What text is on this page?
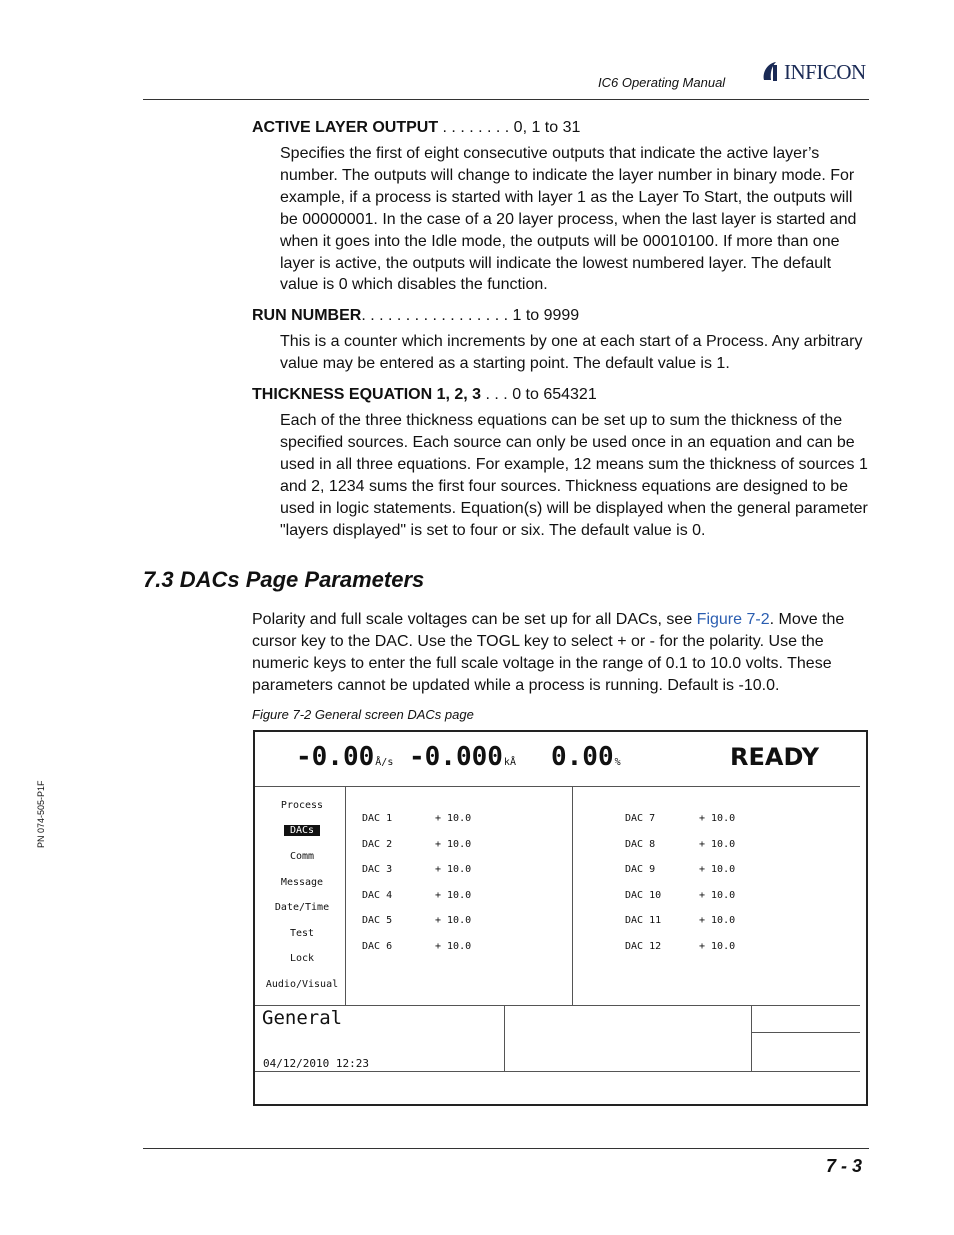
IC6 Operating Manual	INFICON
PN 074-505-P1F
ACTIVE LAYER OUTPUT . . . . . . . . 0, 1 to 31
Specifies the first of eight consecutive outputs that indicate the active layer’s number. The outputs will change to indicate the layer number in binary mode. For example, if a process is started with layer 1 as the Layer To Start, the outputs will be 00000001. In the case of a 20 layer process, when the last layer is started and when it goes into the Idle mode, the outputs will be 00010100. If more than one layer is active, the outputs will indicate the lowest numbered layer. The default value is 0 which disables the function.
RUN NUMBER. . . . . . . . . . . . . . . . . 1 to 9999
This is a counter which increments by one at each start of a Process. Any arbitrary value may be entered as a starting point. The default value is 1.
THICKNESS EQUATION 1, 2, 3 . . . 0 to 654321
Each of the three thickness equations can be set up to sum the thickness of the specified sources. Each source can only be used once in an equation and can be used in all three equations. For example, 12 means sum the thickness of sources 1 and 2, 1234 sums the first four sources. Thickness equations are designed to be used in logic statements. Equation(s) will be displayed when the general parameter "layers displayed" is set to four or six. The default value is 0.
7.3 DACs Page Parameters
Polarity and full scale voltages can be set up for all DACs, see Figure 7-2. Move the cursor key to the DAC. Use the TOGL key to select + or - for the polarity. Use the numeric keys to enter the full scale voltage in the range of 0.1 to 10.0 volts. These parameters cannot be updated while a process is running. Default is -10.0.
Figure 7-2 General screen DACs page
-0.00Å/s -0.000kÅ 0.00%	READY
Process
DACs
Comm
Message
Date/Time
Test
Lock
Audio/Visual
DAC 1	+ 10.0
DAC 2	+ 10.0
DAC 3	+ 10.0
DAC 4	+ 10.0
DAC 5	+ 10.0
DAC 6	+ 10.0
DAC 7	+ 10.0
DAC 8	+ 10.0
DAC 9	+ 10.0
DAC 10	+ 10.0
DAC 11	+ 10.0
DAC 12	+ 10.0
General
04/12/2010 12:23
7 - 3
